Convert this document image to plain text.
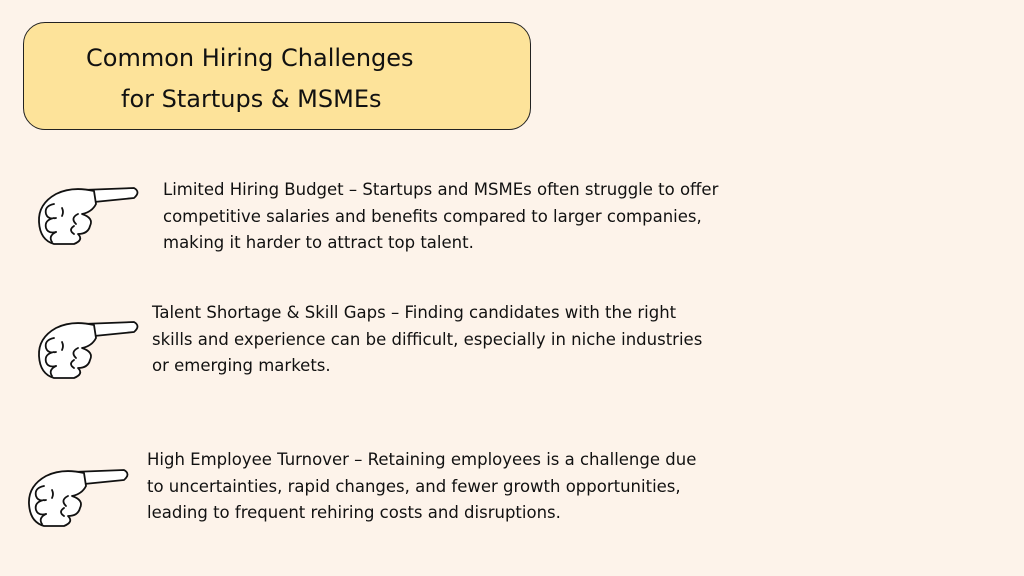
Common Hiring Challenges
for Startups & MSMEs
Limited Hiring Budget – Startups and MSMEs often struggle to offer
competitive salaries and benefits compared to larger companies,
making it harder to attract top talent.
Talent Shortage & Skill Gaps – Finding candidates with the right
skills and experience can be difficult, especially in niche industries
or emerging markets.
High Employee Turnover – Retaining employees is a challenge due
to uncertainties, rapid changes, and fewer growth opportunities,
leading to frequent rehiring costs and disruptions.
